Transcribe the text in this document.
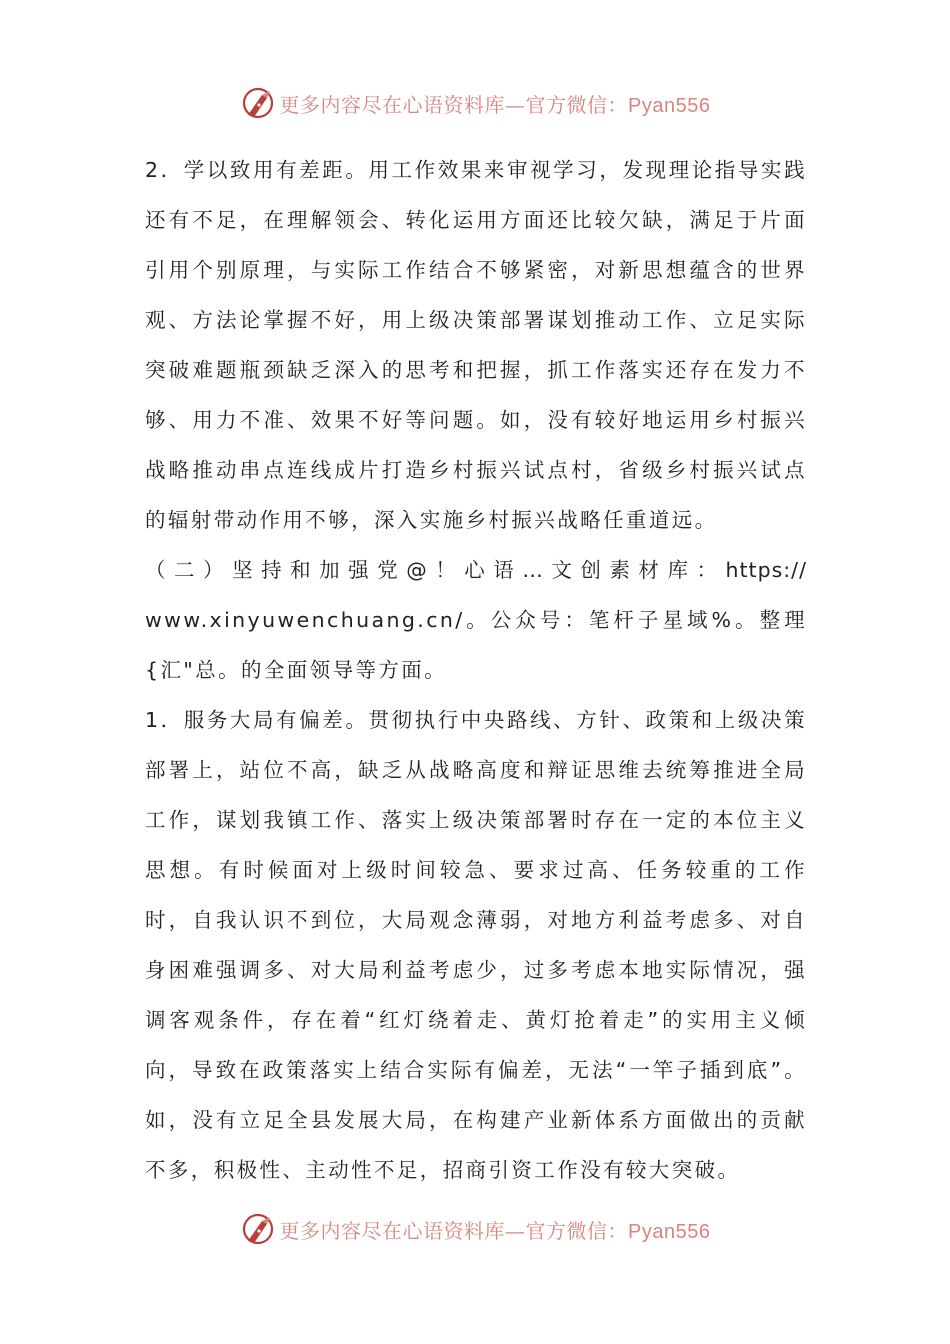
更多内容尽在心语资料库—官方微信：Pyan556

2．学以致用有差距。用工作效果来审视学习，发现理论指导实践还有不足，在理解领会、转化运用方面还比较欠缺，满足于片面引用个别原理，与实际工作结合不够紧密，对新思想蕴含的世界观、方法论掌握不好，用上级决策部署谋划推动工作、立足实际突破难题瓶颈缺乏深入的思考和把握，抓工作落实还存在发力不够、用力不准、效果不好等问题。如，没有较好地运用乡村振兴战略推动串点连线成片打造乡村振兴试点村，省级乡村振兴试点的辐射带动作用不够，深入实施乡村振兴战略任重道远。

（二）坚持和加强党@！心语…文创素材库：https://

www.xinyuwenchuang.cn/。公众号：笔杆子星域%。整理{汇"总。的全面领导等方面。

1．服务大局有偏差。贯彻执行中央路线、方针、政策和上级决策部署上，站位不高，缺乏从战略高度和辩证思维去统筹推进全局工作，谋划我镇工作、落实上级决策部署时存在一定的本位主义思想。有时候面对上级时间较急、要求过高、任务较重的工作时，自我认识不到位，大局观念薄弱，对地方利益考虑多、对自身困难强调多、对大局利益考虑少，过多考虑本地实际情况，强调客观条件，存在着“红灯绕着走、黄灯抢着走”的实用主义倾向，导致在政策落实上结合实际有偏差，无法“一竿子插到底”。如，没有立足全县发展大局，在构建产业新体系方面做出的贡献不多，积极性、主动性不足，招商引资工作没有较大突破。

更多内容尽在心语资料库—官方微信：Pyan556
